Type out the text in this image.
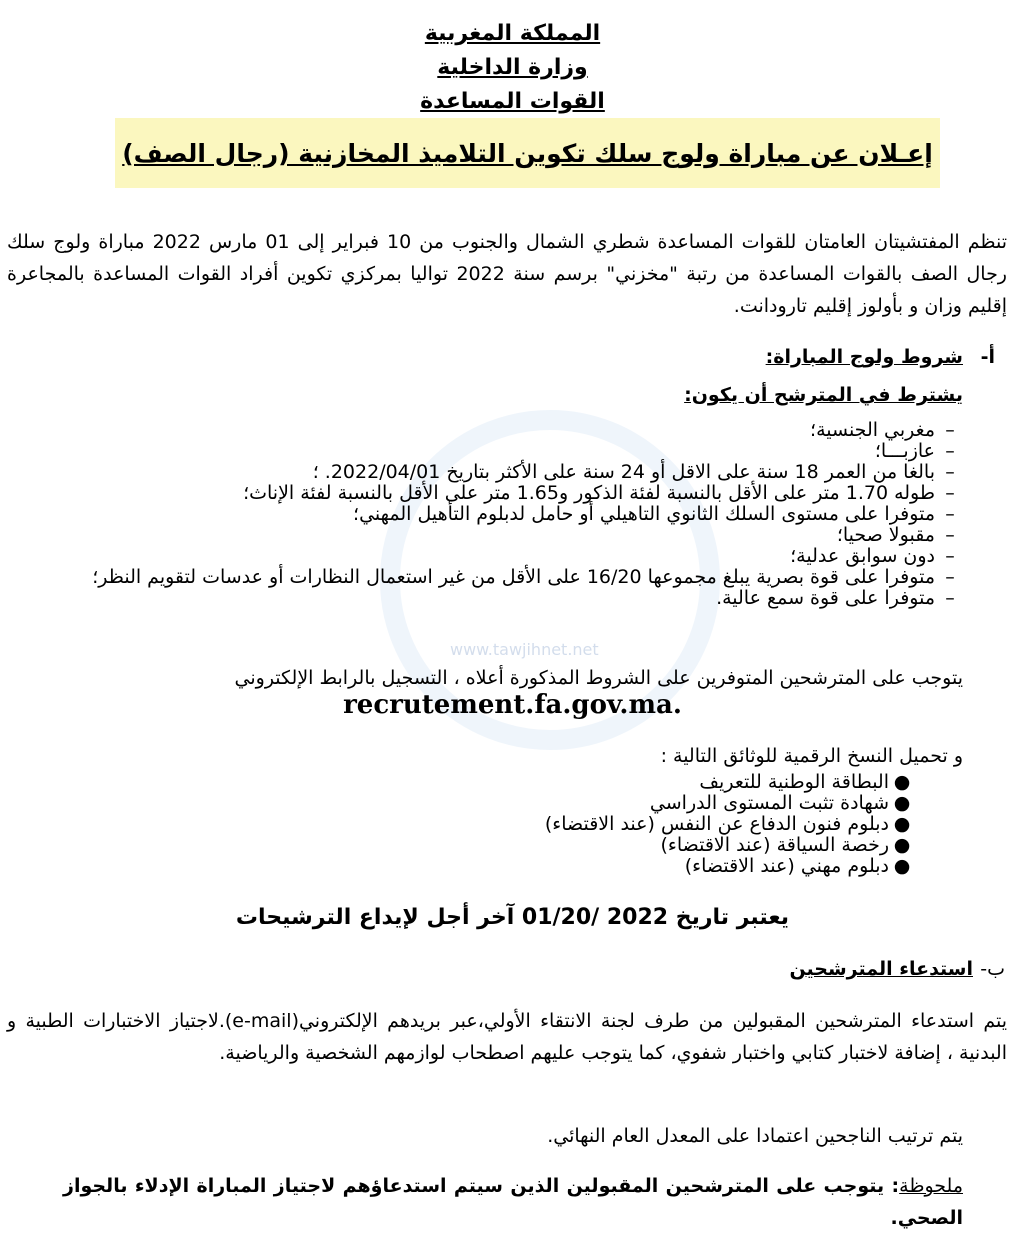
www.tawjihnet.net
المملكة المغربية
وزارة الداخلية
القوات المساعدة
إعـلان عن مباراة ولوج سلك تكوين التلاميذ المخازنية (رجال الصف)
تنظم المفتشيتان العامتان للقوات المساعدة شطري الشمال والجنوب من 10 فبراير إلى 01 مارس 2022 مباراة ولوج سلك رجال الصف بالقوات المساعدة من رتبة "مخزني" برسم سنة 2022 تواليا بمركزي تكوين أفراد القوات المساعدة بالمجاعرة إقليم وزان و بأولوز إقليم تارودانت.
أ-
شروط ولوج المباراة:
يشترط في المترشح أن يكون:
–
مغربي الجنسية؛
–
عازبـــا؛
–
بالغا من العمر 18 سنة على الاقل أو 24 سنة على الأكثر بتاريخ 2022/04/01. ؛
–
طوله 1.70 متر على الأقل بالنسبة لفئة الذكور و1.65 متر على الأقل بالنسبة لفئة الإناث؛
–
متوفرا على مستوى السلك الثانوي التاهيلي أو حامل لدبلوم التأهيل المهني؛
–
مقبولا صحيا؛
–
دون سوابق عدلية؛
–
متوفرا على قوة بصرية يبلغ مجموعها 16/20 على الأقل من غير استعمال النظارات أو عدسات لتقويم النظر؛
–
متوفرا على قوة سمع عالية.
يتوجب على المترشحين المتوفرين على الشروط المذكورة أعلاه ، التسجيل بالرابط الإلكتروني
recrutement.fa.gov.ma.
و تحميل النسخ الرقمية للوثائق التالية :
●
البطاقة الوطنية للتعريف
●
شهادة تثبت المستوى الدراسي
●
دبلوم فنون الدفاع عن النفس (عند الاقتضاء)
●
رخصة السياقة (عند الاقتضاء)
●
دبلوم مهني (عند الاقتضاء)
يعتبر تاريخ 2022 /01/20 آخر أجل لإيداع الترشيحات
ب-
استدعاء المترشحين
يتم استدعاء المترشحين المقبولين من طرف لجنة الانتقاء الأولي،عبر بريدهم الإلكتروني(e-mail).لاجتياز الاختبارات الطبية و البدنية ، إضافة لاختبار كتابي واختبار شفوي، كما يتوجب عليهم اصطحاب لوازمهم الشخصية والرياضية.
يتم ترتيب الناجحين اعتمادا على المعدل العام النهائي.
ملحوظة: يتوجب على المترشحين المقبولين الذين سيتم استدعاؤهم لاجتياز المباراة الإدلاء بالجواز الصحي.
